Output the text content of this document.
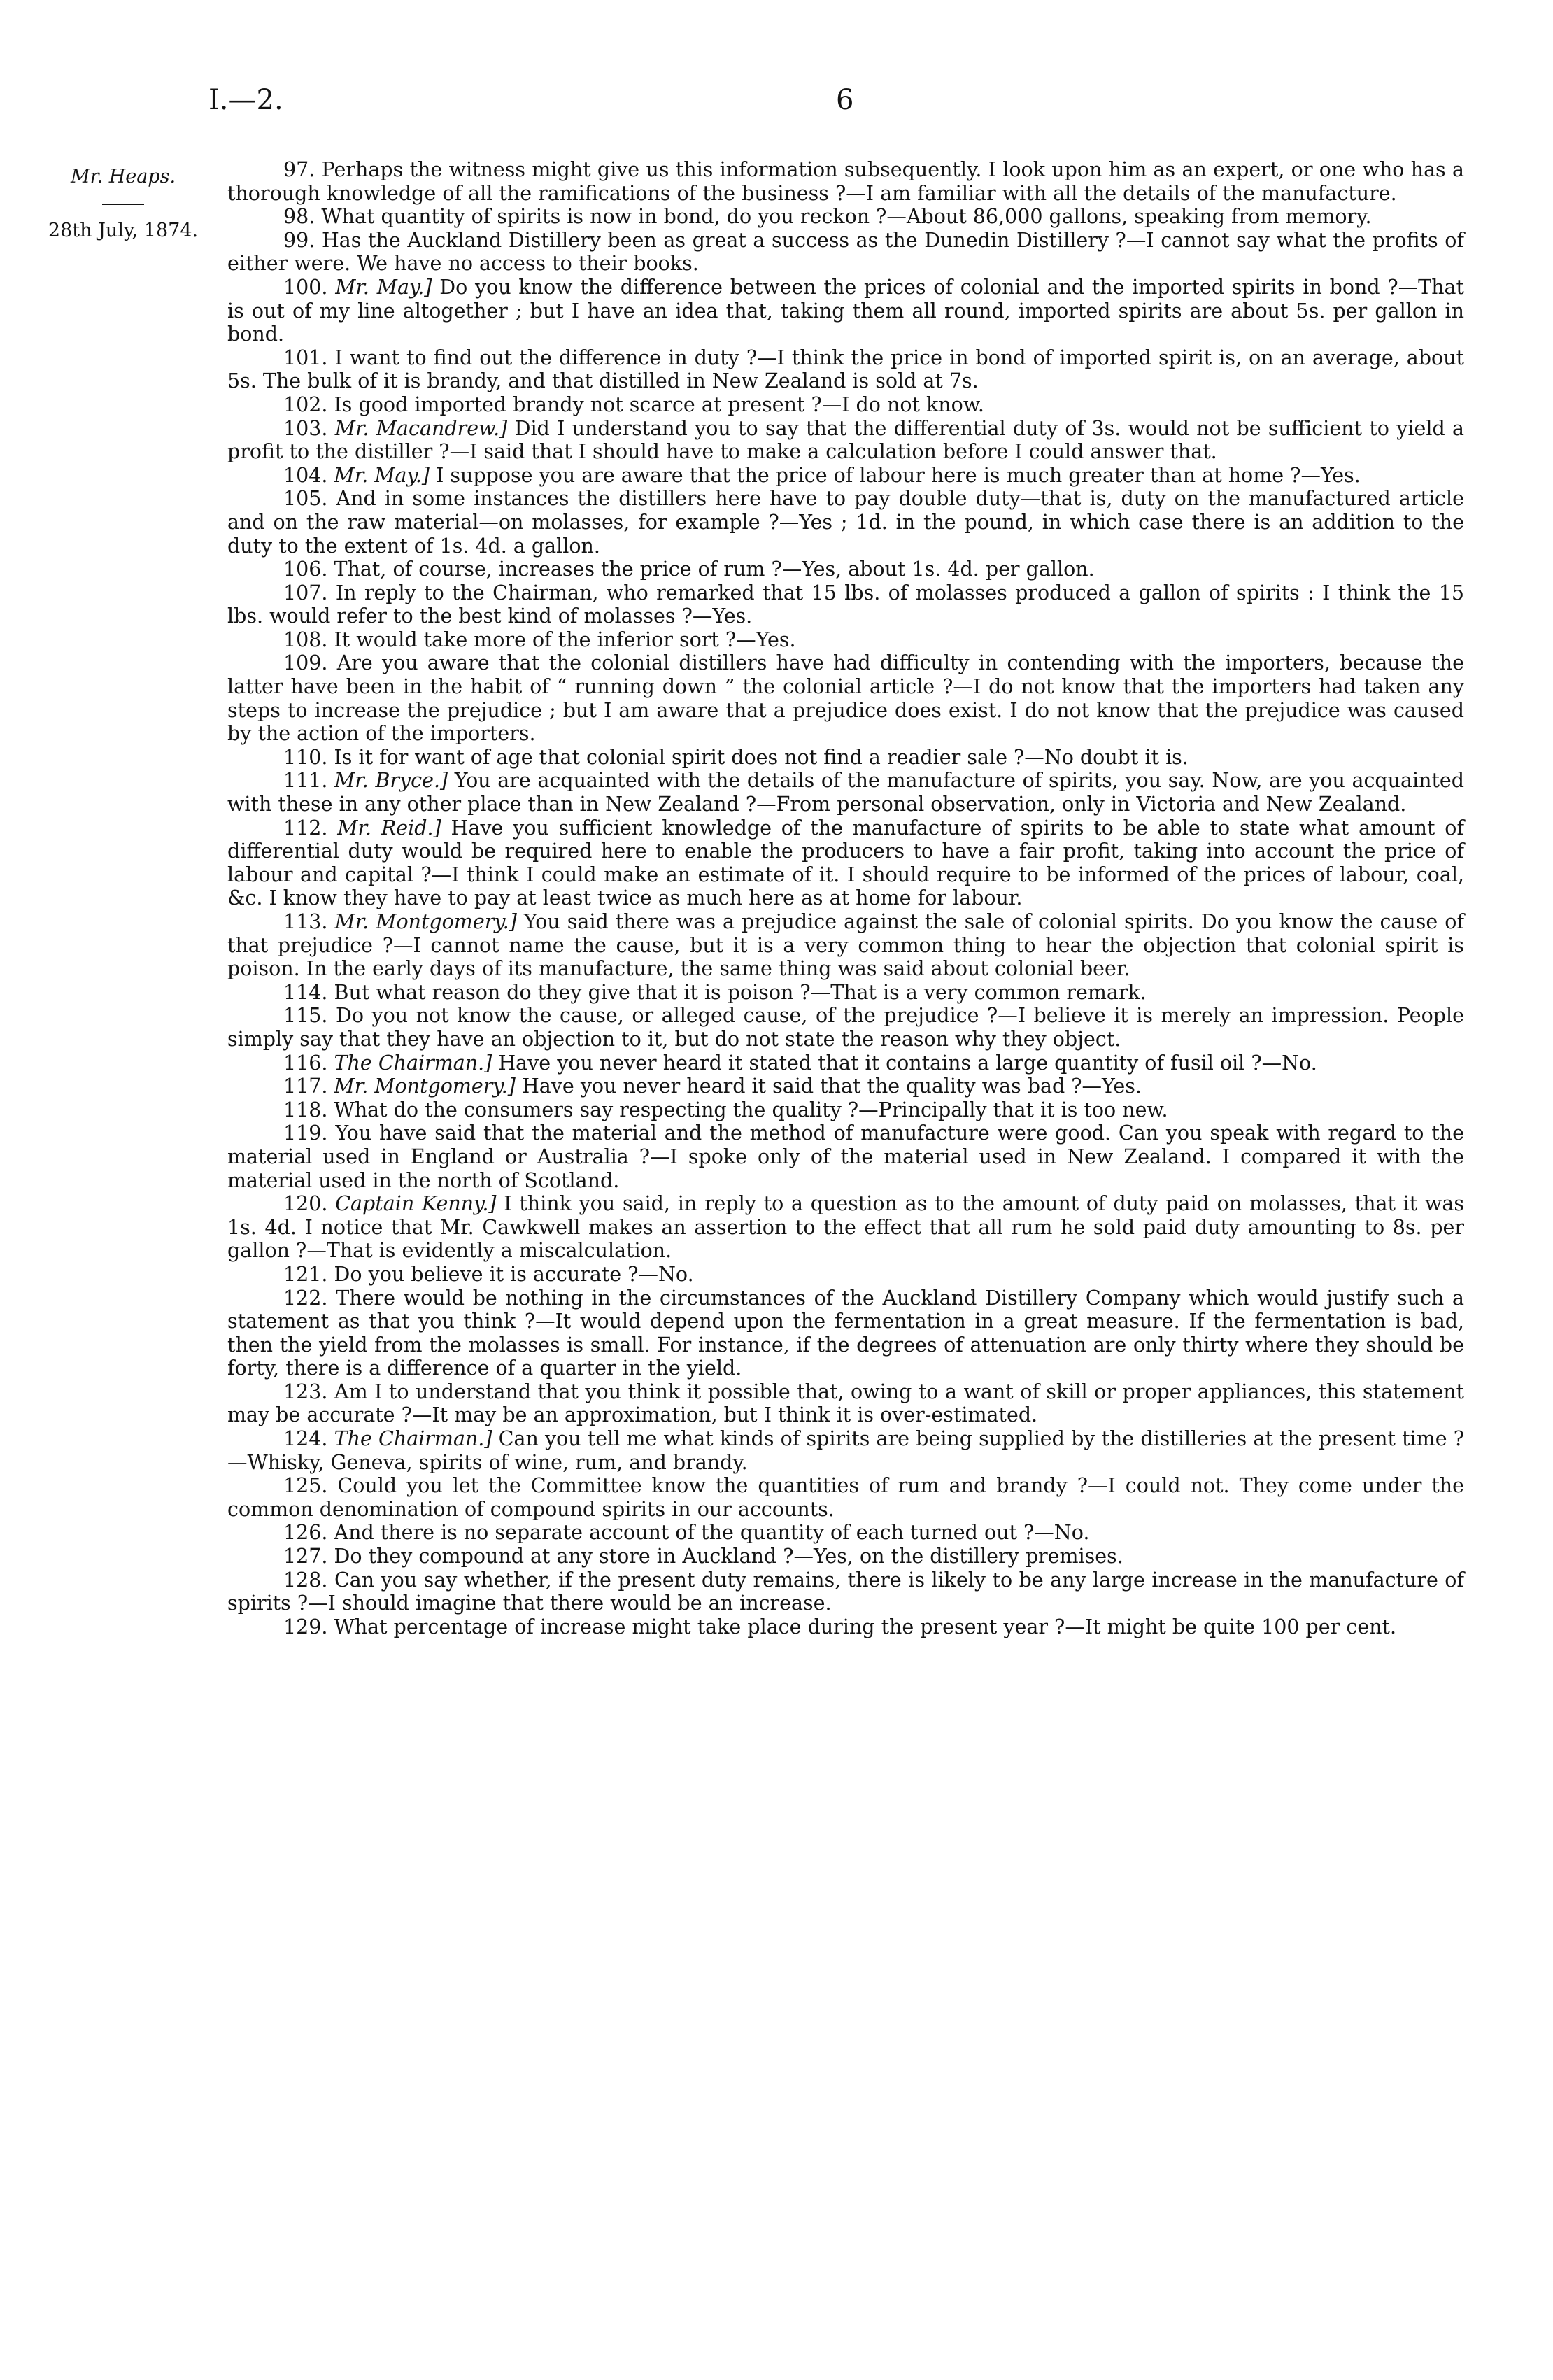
I.—2.	6
Mr. Heaps.
28th July, 1874.

97. Perhaps the witness might give us this information subsequently. I look upon him as an expert, or one who has a thorough knowledge of all the ramifications of the business ?—I am familiar with all the details of the manufacture.

98. What quantity of spirits is now in bond, do you reckon ?—About 86,000 gallons, speaking from memory.

99. Has the Auckland Distillery been as great a success as the Dunedin Distillery ?—I cannot say what the profits of either were. We have no access to their books.

100. Mr. May.] Do you know the difference between the prices of colonial and the imported spirits in bond ?—That is out of my line altogether ; but I have an idea that, taking them all round, imported spirits are about 5s. per gallon in bond.

101. I want to find out the difference in duty ?—I think the price in bond of imported spirit is, on an average, about 5s. The bulk of it is brandy, and that distilled in New Zealand is sold at 7s.

102. Is good imported brandy not scarce at present ?—I do not know.

103. Mr. Macandrew.] Did I understand you to say that the differential duty of 3s. would not be sufficient to yield a profit to the distiller ?—I said that I should have to make a calculation before I could answer that.

104. Mr. May.] I suppose you are aware that the price of labour here is much greater than at home ?—Yes.

105. And in some instances the distillers here have to pay double duty—that is, duty on the manufactured article and on the raw material—on molasses, for example ?—Yes ; 1d. in the pound, in which case there is an addition to the duty to the extent of 1s. 4d. a gallon.

106. That, of course, increases the price of rum ?—Yes, about 1s. 4d. per gallon.

107. In reply to the Chairman, who remarked that 15 lbs. of molasses produced a gallon of spirits : I think the 15 lbs. would refer to the best kind of molasses ?—Yes.

108. It would take more of the inferior sort ?—Yes.

109. Are you aware that the colonial distillers have had difficulty in contending with the importers, because the latter have been in the habit of “ running down ” the colonial article ?—I do not know that the importers had taken any steps to increase the prejudice ; but I am aware that a prejudice does exist. I do not know that the prejudice was caused by the action of the importers.

110. Is it for want of age that colonial spirit does not find a readier sale ?—No doubt it is.

111. Mr. Bryce.] You are acquainted with the details of the manufacture of spirits, you say. Now, are you acquainted with these in any other place than in New Zealand ?—From personal observation, only in Victoria and New Zealand.

112. Mr. Reid.] Have you sufficient knowledge of the manufacture of spirits to be able to state what amount of differential duty would be required here to enable the producers to have a fair profit, taking into account the price of labour and capital ?—I think I could make an estimate of it. I should require to be informed of the prices of labour, coal, &c. I know they have to pay at least twice as much here as at home for labour.

113. Mr. Montgomery.] You said there was a prejudice against the sale of colonial spirits. Do you know the cause of that prejudice ?—I cannot name the cause, but it is a very common thing to hear the objection that colonial spirit is poison. In the early days of its manufacture, the same thing was said about colonial beer.

114. But what reason do they give that it is poison ?—That is a very common remark.

115. Do you not know the cause, or alleged cause, of the prejudice ?—I believe it is merely an impression. People simply say that they have an objection to it, but do not state the reason why they object.

116. The Chairman.] Have you never heard it stated that it contains a large quantity of fusil oil ?—No.

117. Mr. Montgomery.] Have you never heard it said that the quality was bad ?—Yes.

118. What do the consumers say respecting the quality ?—Principally that it is too new.

119. You have said that the material and the method of manufacture were good. Can you speak with regard to the material used in England or Australia ?—I spoke only of the material used in New Zealand. I compared it with the material used in the north of Scotland.

120. Captain Kenny.] I think you said, in reply to a question as to the amount of duty paid on molasses, that it was 1s. 4d. I notice that Mr. Cawkwell makes an assertion to the effect that all rum he sold paid duty amounting to 8s. per gallon ?—That is evidently a miscalculation.

121. Do you believe it is accurate ?—No.

122. There would be nothing in the circumstances of the Auckland Distillery Company which would justify such a statement as that you think ?—It would depend upon the fermentation in a great measure. If the fermentation is bad, then the yield from the molasses is small. For instance, if the degrees of attenuation are only thirty where they should be forty, there is a difference of a quarter in the yield.

123. Am I to understand that you think it possible that, owing to a want of skill or proper appliances, this statement may be accurate ?—It may be an approximation, but I think it is over-estimated.

124. The Chairman.] Can you tell me what kinds of spirits are being supplied by the distilleries at the present time ?—Whisky, Geneva, spirits of wine, rum, and brandy.

125. Could you let the Committee know the quantities of rum and brandy ?—I could not. They come under the common denomination of compound spirits in our accounts.

126. And there is no separate account of the quantity of each turned out ?—No.

127. Do they compound at any store in Auckland ?—Yes, on the distillery premises.

128. Can you say whether, if the present duty remains, there is likely to be any large increase in the manufacture of spirits ?—I should imagine that there would be an increase.

129. What percentage of increase might take place during the present year ?—It might be quite 100 per cent.
